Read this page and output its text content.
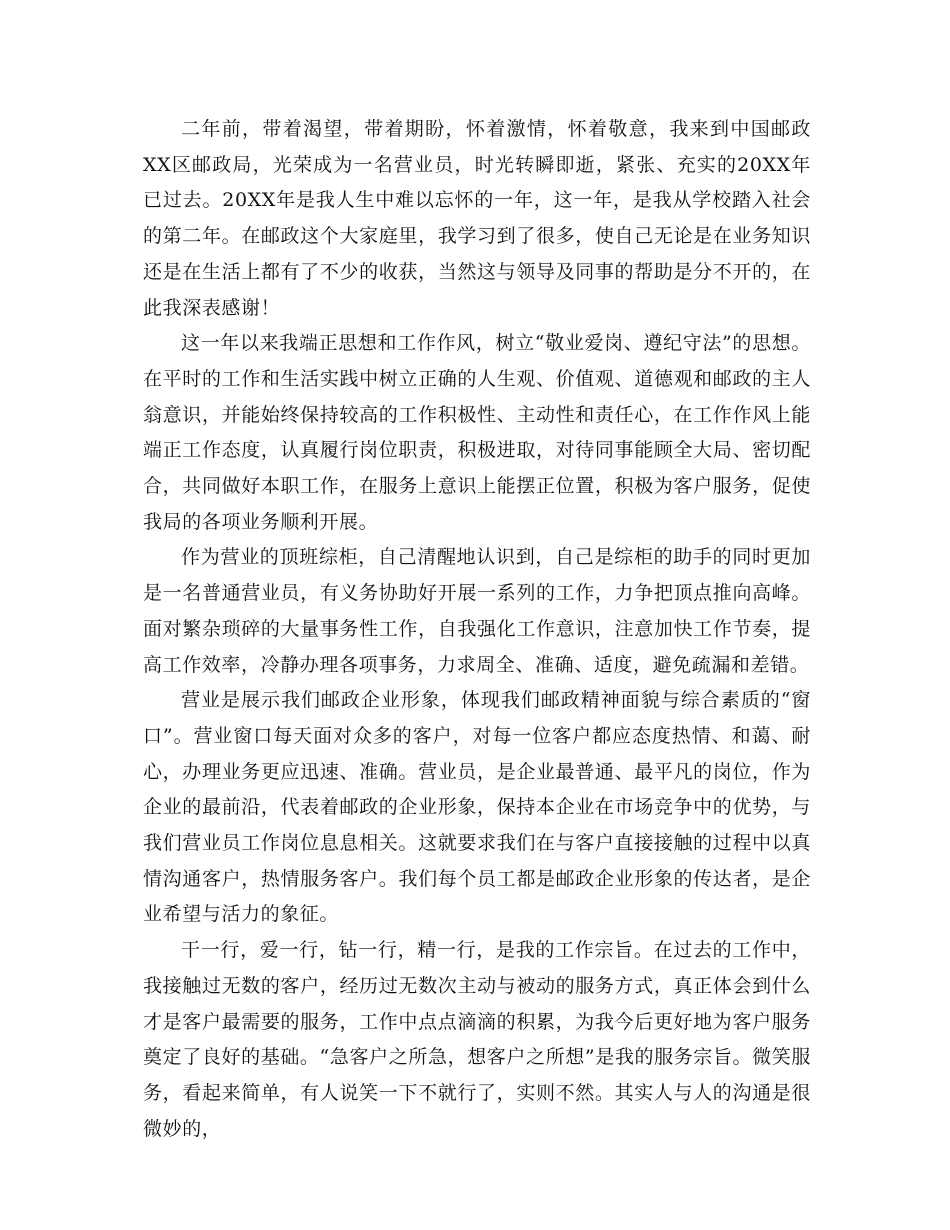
二年前，带着渴望，带着期盼，怀着激情，怀着敬意，我来到中国邮政XX区邮政局，光荣成为一名营业员，时光转瞬即逝，紧张、充实的20XX年已过去。20XX年是我人生中难以忘怀的一年，这一年，是我从学校踏入社会的第二年。在邮政这个大家庭里，我学习到了很多，使自己无论是在业务知识还是在生活上都有了不少的收获，当然这与领导及同事的帮助是分不开的，在此我深表感谢！

这一年以来我端正思想和工作作风，树立“敬业爱岗、遵纪守法”的思想。在平时的工作和生活实践中树立正确的人生观、价值观、道德观和邮政的主人翁意识，并能始终保持较高的工作积极性、主动性和责任心，在工作作风上能端正工作态度，认真履行岗位职责，积极进取，对待同事能顾全大局、密切配合，共同做好本职工作，在服务上意识上能摆正位置，积极为客户服务，促使我局的各项业务顺利开展。

作为营业的顶班综柜，自己清醒地认识到，自己是综柜的助手的同时更加是一名普通营业员，有义务协助好开展一系列的工作，力争把顶点推向高峰。面对繁杂琐碎的大量事务性工作，自我强化工作意识，注意加快工作节奏，提高工作效率，冷静办理各项事务，力求周全、准确、适度，避免疏漏和差错。

营业是展示我们邮政企业形象，体现我们邮政精神面貌与综合素质的“窗口”。营业窗口每天面对众多的客户，对每一位客户都应态度热情、和蔼、耐心，办理业务更应迅速、准确。营业员，是企业最普通、最平凡的岗位，作为企业的最前沿，代表着邮政的企业形象，保持本企业在市场竞争中的优势，与我们营业员工作岗位息息相关。这就要求我们在与客户直接接触的过程中以真情沟通客户，热情服务客户。我们每个员工都是邮政企业形象的传达者，是企业希望与活力的象征。

干一行，爱一行，钻一行，精一行，是我的工作宗旨。在过去的工作中，我接触过无数的客户，经历过无数次主动与被动的服务方式，真正体会到什么才是客户最需要的服务，工作中点点滴滴的积累，为我今后更好地为客户服务奠定了良好的基础。“急客户之所急，想客户之所想”是我的服务宗旨。微笑服务，看起来简单，有人说笑一下不就行了，实则不然。其实人与人的沟通是很微妙的，
